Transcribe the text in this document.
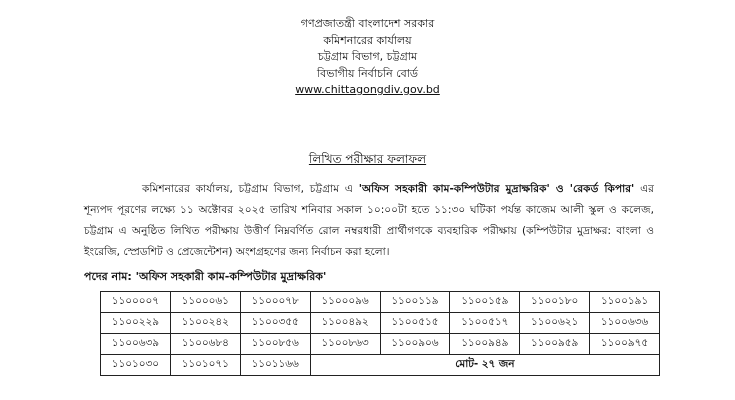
গণপ্রজাতন্ত্রী বাংলাদেশ সরকার
কমিশনারের কার্যালয়
চট্টগ্রাম বিভাগ, চট্টগ্রাম
বিভাগীয় নির্বাচনি বোর্ড
www.chittagongdiv.gov.bd
লিখিত পরীক্ষার ফলাফল
কমিশনারের কার্যালয়, চট্টগ্রাম বিভাগ, চট্টগ্রাম এ 'অফিস সহকারী কাম-কম্পিউটার মুদ্রাক্ষরিক' ও 'রেকর্ড কিপার' এর শূন্যপদ পূরণের লক্ষ্যে ১১ অক্টোবর ২০২৫ তারিখ শনিবার সকাল ১০:০০টা হতে ১১:৩০ ঘটিকা পর্যন্ত কাজেম আলী স্কুল ও কলেজ, চট্টগ্রাম এ অনুষ্ঠিত লিখিত পরীক্ষায় উত্তীর্ণ নিম্নবর্ণিত রোল নম্বরধারী প্রার্থীগণকে ব্যবহারিক পরীক্ষায় (কম্পিউটার মুদ্রাক্ষর: বাংলা ও ইংরেজি, স্প্রেডশিট ও প্রেজেন্টেশন) অংশগ্রহণের জন্য নির্বাচন করা হলো।
পদের নাম: 'অফিস সহকারী কাম-কম্পিউটার মুদ্রাক্ষরিক'
১১০০০০৭	১১০০০৬১	১১০০০৭৮	১১০০০৯৬	১১০০১১৯	১১০০১৫৯	১১০০১৮০	১১০০১৯১
১১০০২২৯	১১০০২৪২	১১০০৩৫৫	১১০০৪৯২	১১০০৫১৫	১১০০৫১৭	১১০০৬২১	১১০০৬৩৬
১১০০৬৩৯	১১০০৬৮৪	১১০০৮৫৬	১১০০৮৬৩	১১০০৯০৬	১১০০৯৪৯	১১০০৯৫৯	১১০০৯৭৫
১১০১০৩০	১১০১০৭১	১১০১১৬৬	মোট- ২৭ জন				
